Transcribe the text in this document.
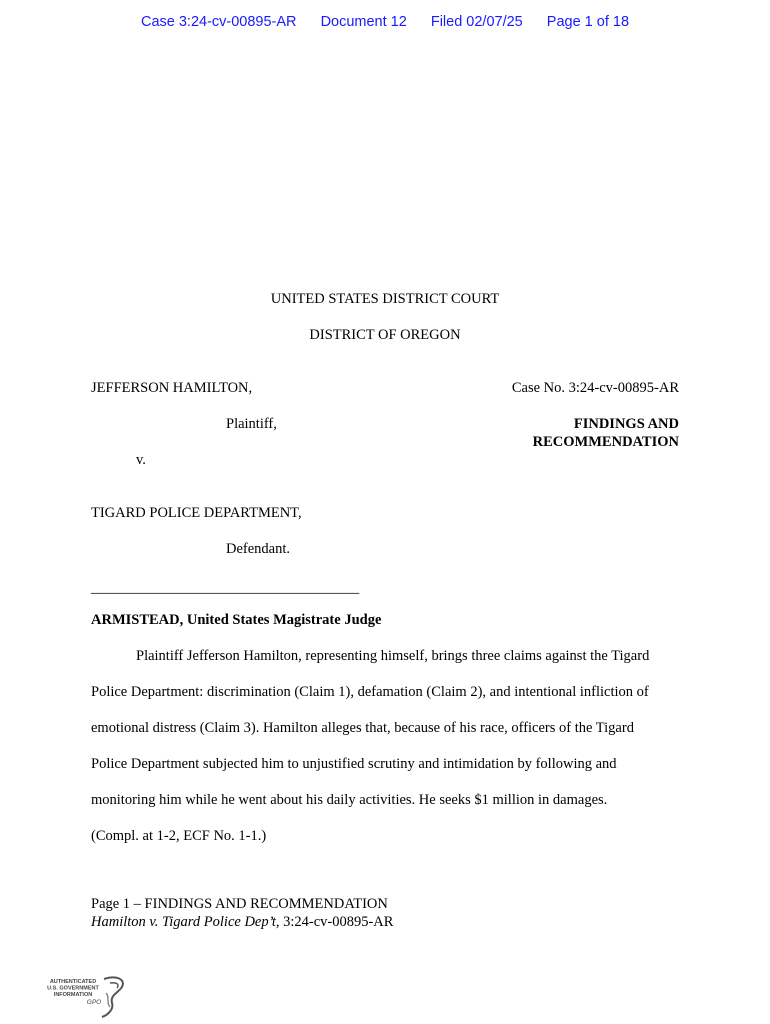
Case 3:24-cv-00895-AR Document 12 Filed 02/07/25 Page 1 of 18
UNITED STATES DISTRICT COURT
DISTRICT OF OREGON
JEFFERSON HAMILTON,	Case No. 3:24-cv-00895-AR
Plaintiff,	FINDINGS AND
RECOMMENDATION
v.
TIGARD POLICE DEPARTMENT,
Defendant.
_____________________________________
ARMISTEAD, United States Magistrate Judge

Plaintiff Jefferson Hamilton, representing himself, brings three claims against the Tigard

Police Department: discrimination (Claim 1), defamation (Claim 2), and intentional infliction of

emotional distress (Claim 3). Hamilton alleges that, because of his race, officers of the Tigard

Police Department subjected him to unjustified scrutiny and intimidation by following and

monitoring him while he went about his daily activities. He seeks $1 million in damages.

(Compl. at 1-2, ECF No. 1-1.)

Page 1 – FINDINGS AND RECOMMENDATION
Hamilton v. Tigard Police Dep’t, 3:24-cv-00895-AR
AUTHENTICATED
U.S. GOVERNMENT
INFORMATION
GPO
